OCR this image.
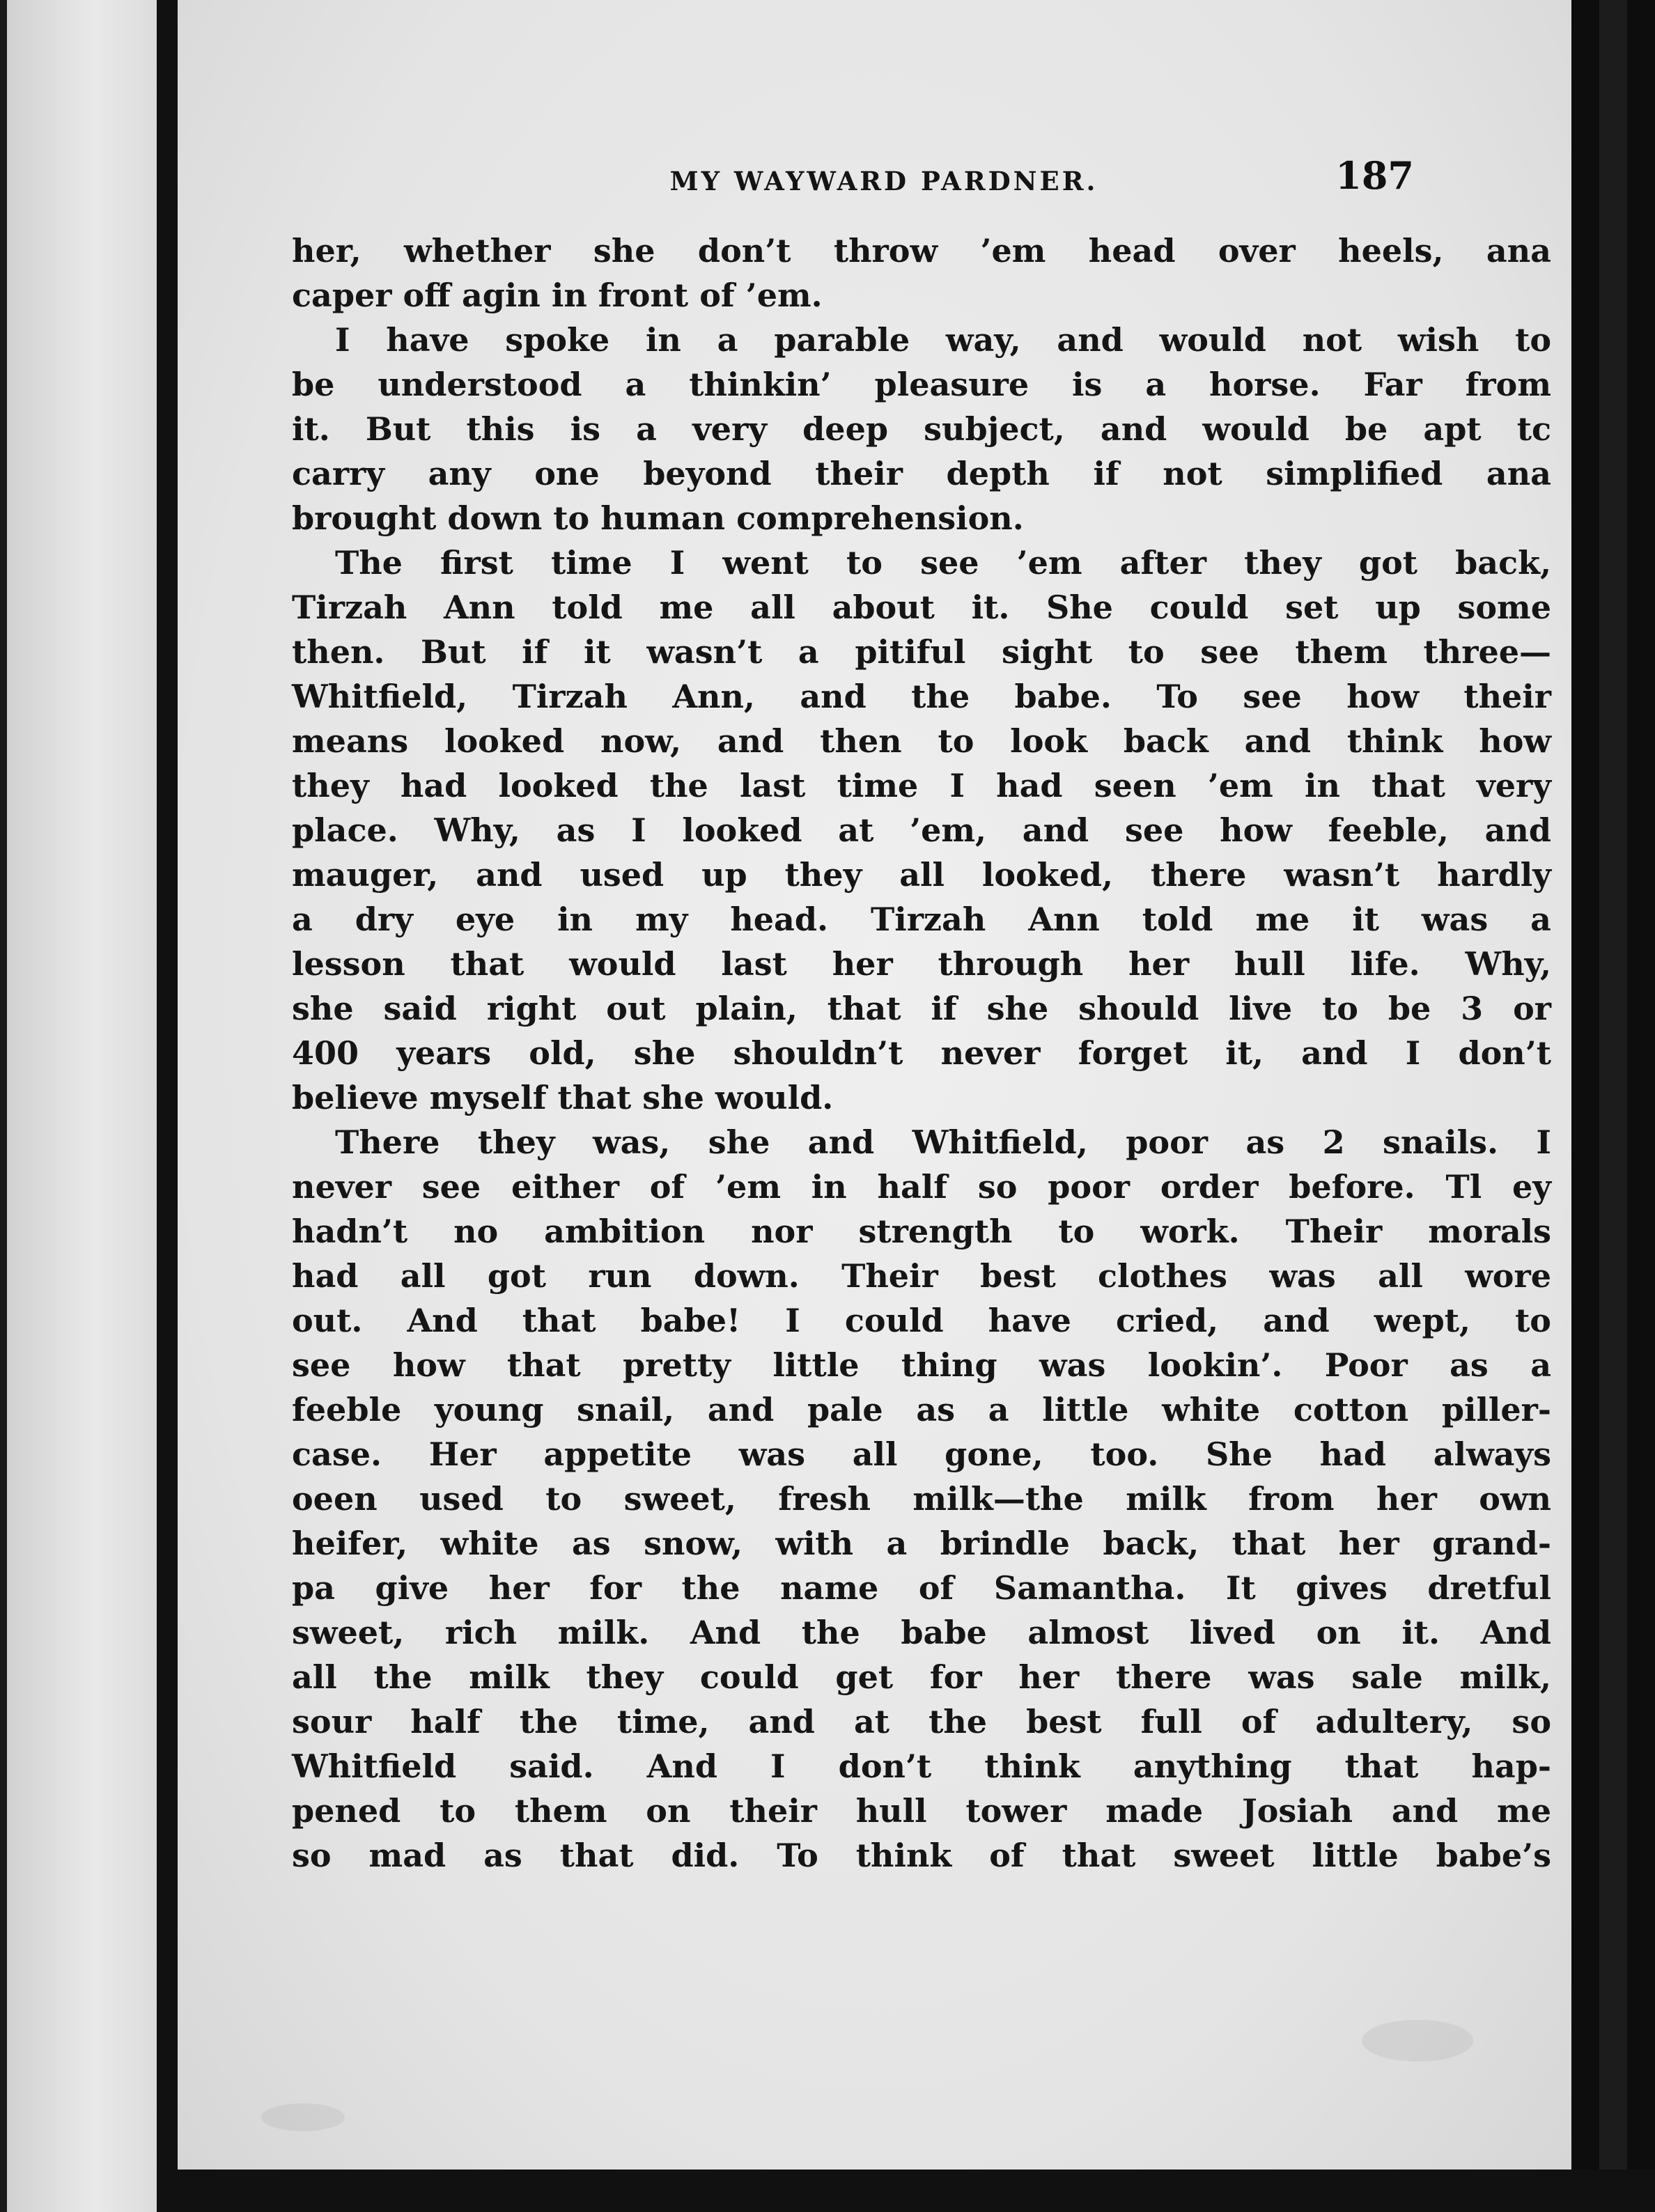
MY WAYWARD PARDNER.	187
her, whether she don’t throw ’em head over heels, ana
caper off agin in front of ’em.
I have spoke in a parable way, and would not wish to
be understood a thinkin’ pleasure is a horse. Far from
it. But this is a very deep subject, and would be apt tc
carry any one beyond their depth if not simplified ana
brought down to human comprehension.
The first time I went to see ’em after they got back,
Tirzah Ann told me all about it. She could set up some
then. But if it wasn’t a pitiful sight to see them three—
Whitfield, Tirzah Ann, and the babe. To see how their
means looked now, and then to look back and think how
they had looked the last time I had seen ’em in that very
place. Why, as I looked at ’em, and see how feeble, and
mauger, and used up they all looked, there wasn’t hardly
a dry eye in my head. Tirzah Ann told me it was a
lesson that would last her through her hull life. Why,
she said right out plain, that if she should live to be 3 or
400 years old, she shouldn’t never forget it, and I don’t
believe myself that she would.
There they was, she and Whitfield, poor as 2 snails. I
never see either of ’em in half so poor order before. Tl ey
hadn’t no ambition nor strength to work. Their morals
had all got run down. Their best clothes was all wore
out. And that babe! I could have cried, and wept, to
see how that pretty little thing was lookin’. Poor as a
feeble young snail, and pale as a little white cotton piller-
case. Her appetite was all gone, too. She had always
oeen used to sweet, fresh milk—the milk from her own
heifer, white as snow, with a brindle back, that her grand-
pa give her for the name of Samantha. It gives dretful
sweet, rich milk. And the babe almost lived on it. And
all the milk they could get for her there was sale milk,
sour half the time, and at the best full of adultery, so
Whitfield said. And I don’t think anything that hap-
pened to them on their hull tower made Josiah and me
so mad as that did. To think of that sweet little babe’s
